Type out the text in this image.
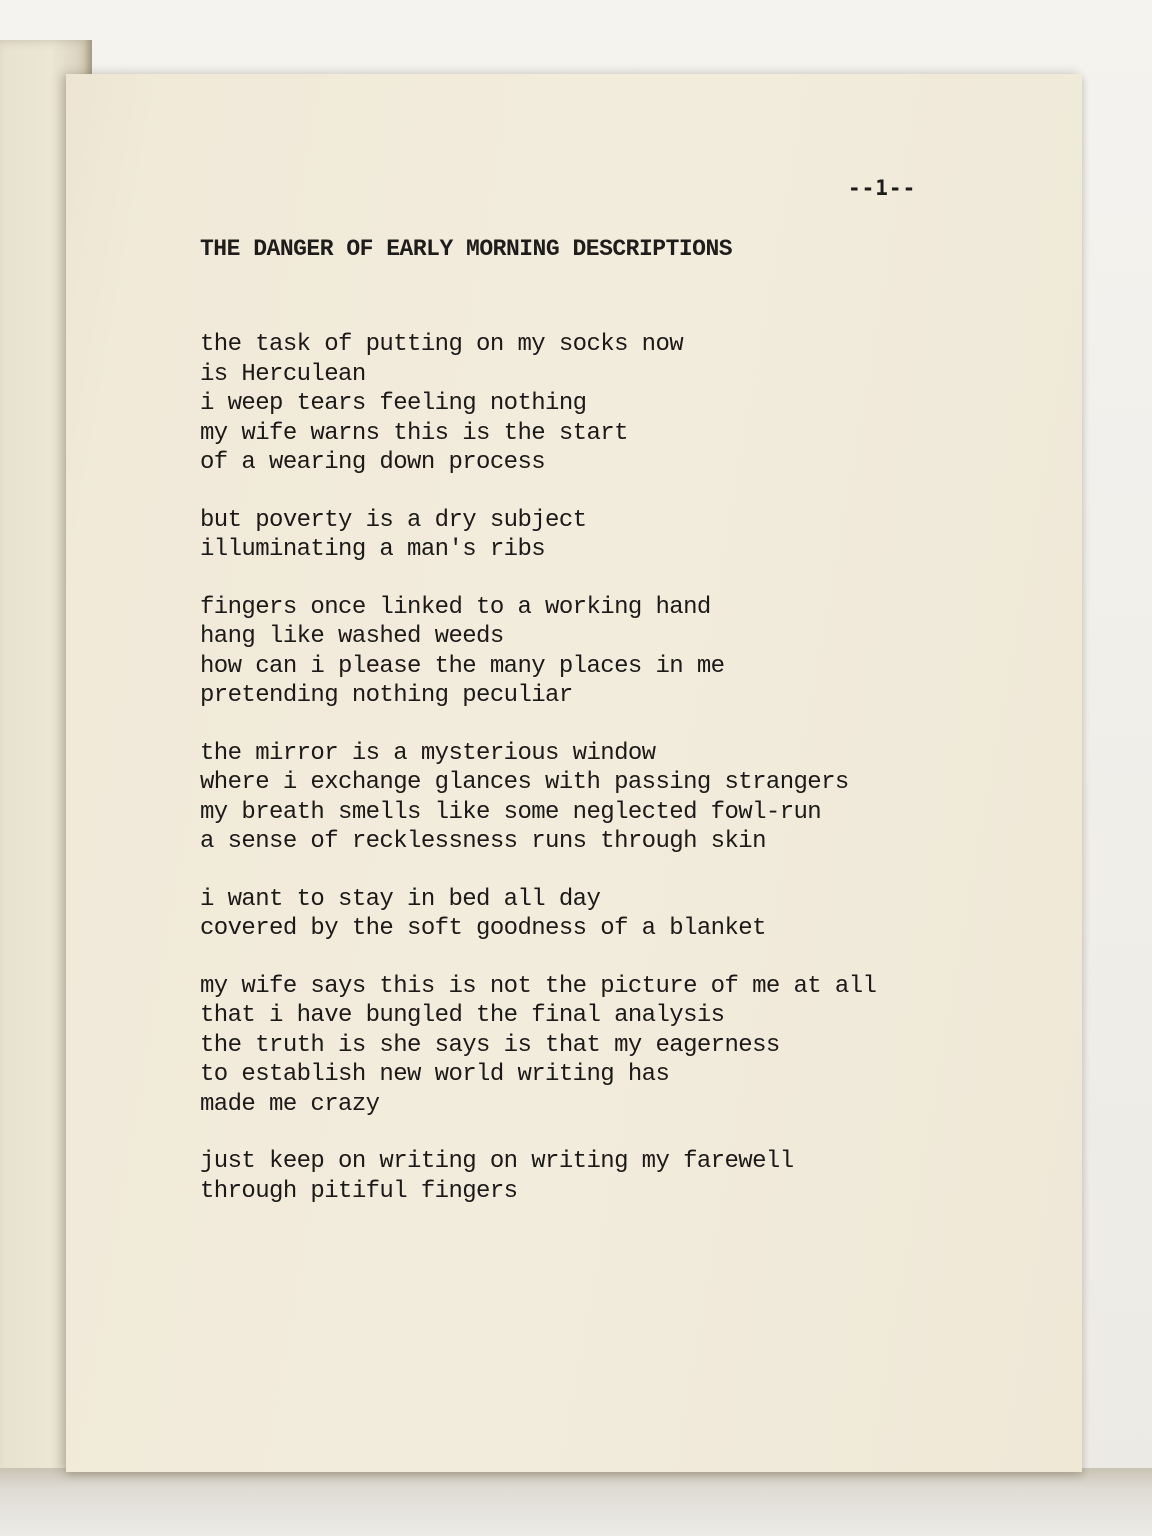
--1--
THE DANGER OF EARLY MORNING DESCRIPTIONS
the task of putting on my socks now
is Herculean
i weep tears feeling nothing
my wife warns this is the start
of a wearing down process
but poverty is a dry subject
illuminating a man's ribs
fingers once linked to a working hand
hang like washed weeds
how can i please the many places in me
pretending nothing peculiar
the mirror is a mysterious window
where i exchange glances with passing strangers
my breath smells like some neglected fowl-run
a sense of recklessness runs through skin
i want to stay in bed all day
covered by the soft goodness of a blanket
my wife says this is not the picture of me at all
that i have bungled the final analysis
the truth is she says is that my eagerness
to establish new world writing has
made me crazy
just keep on writing on writing my farewell
through pitiful fingers
